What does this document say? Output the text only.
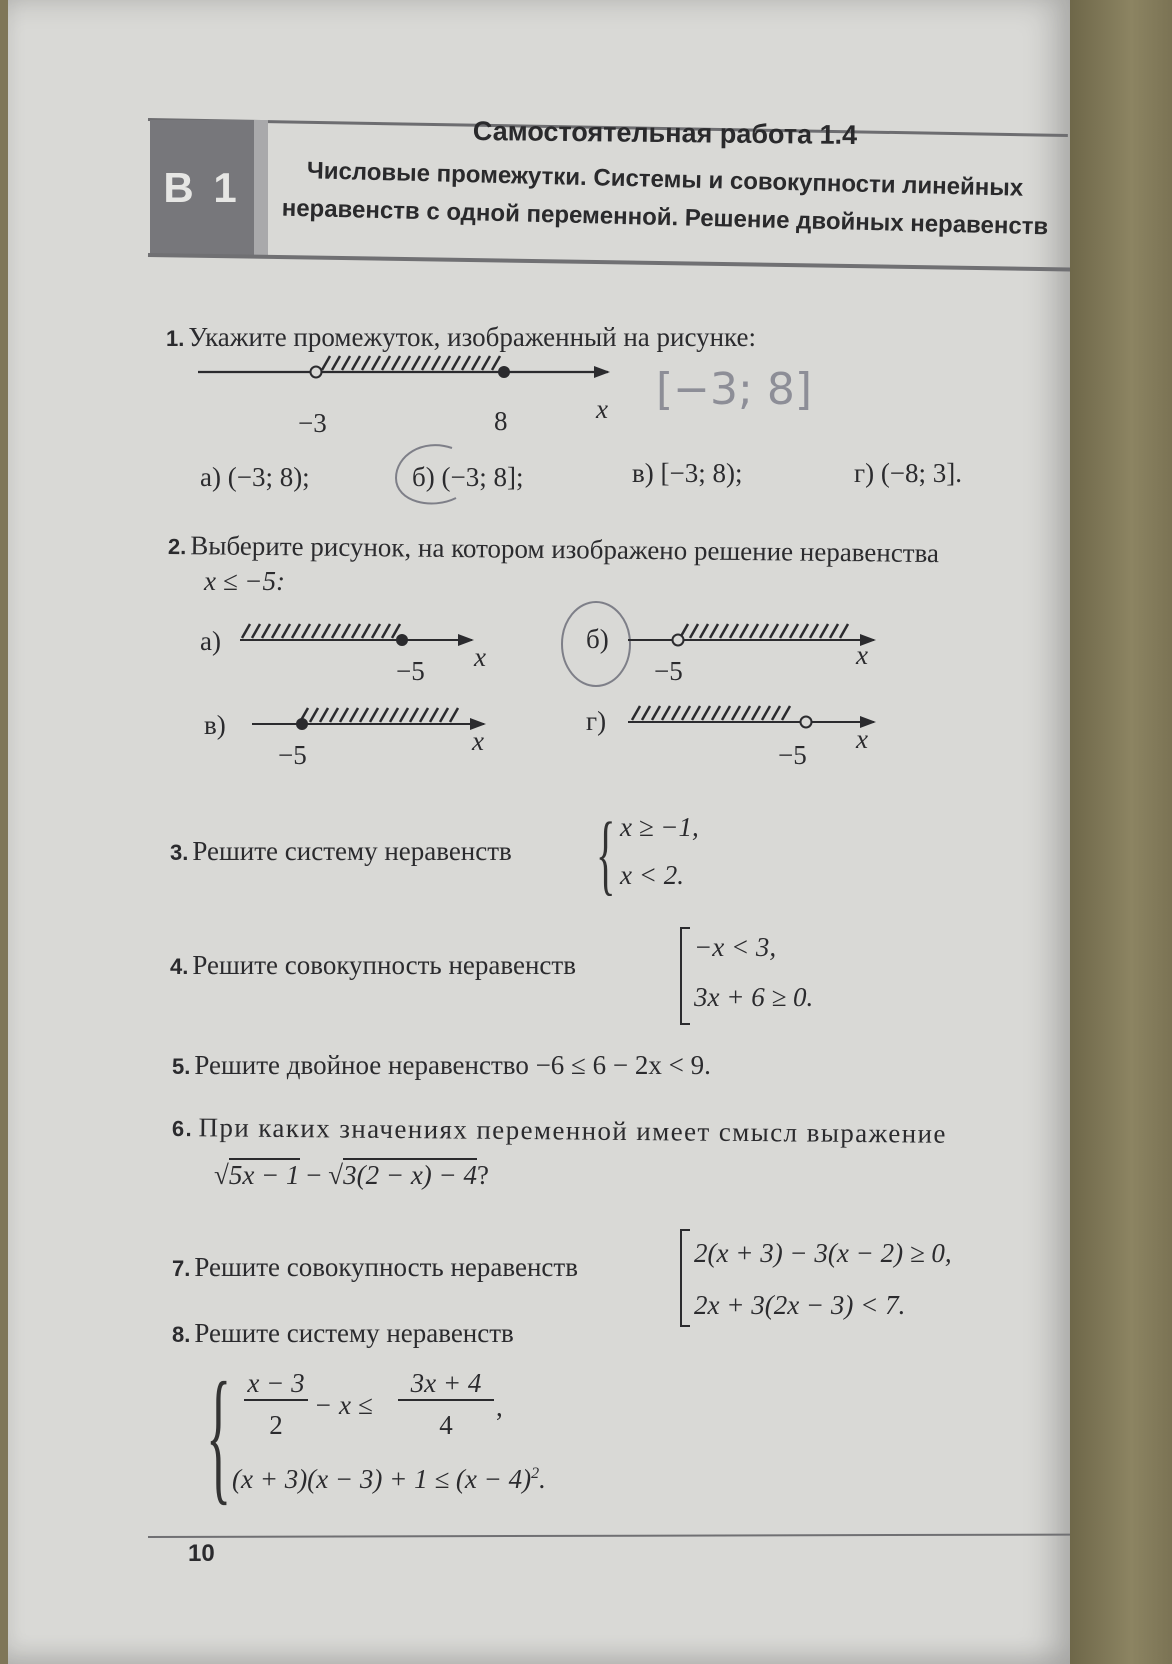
В 1
Самостоятельная работа 1.4
Числовые промежутки. Системы и совокупности линейных
неравенств с одной переменной. Решение двойных неравенств
1. Укажите промежуток, изображенный на рисунке:
−3	8	x [−3; 8]
а) (−3; 8);	б) (−3; 8];	в) [−3; 8);	г) (−8; 3].
2. Выберите рисунок, на котором изображено решение неравенства
x ≤ −5:
а)
−5 x
б)
−5
x
в)
−5	x
г)
−5
x
3. Решите систему неравенств { x ≥ −1,
x < 2.
4. Решите совокупность неравенств
−x < 3,
3x + 6 ≥ 0.
5. Решите двойное неравенство −6 ≤ 6 − 2x < 9.
6. При каких значениях переменной имеет смысл выражение
√5x − 1 − √3(2 − x) − 4?
7. Решите совокупность неравенств	2(x + 3) − 3(x − 2) ≥ 0,
2x + 3(2x − 3) < 7.
8. Решите систему неравенств
{ x − 3
2
− x ≤
3x + 4
4
,
$(x + 3)(x - 3) + 1 \le (x - 4)^2$.
10
